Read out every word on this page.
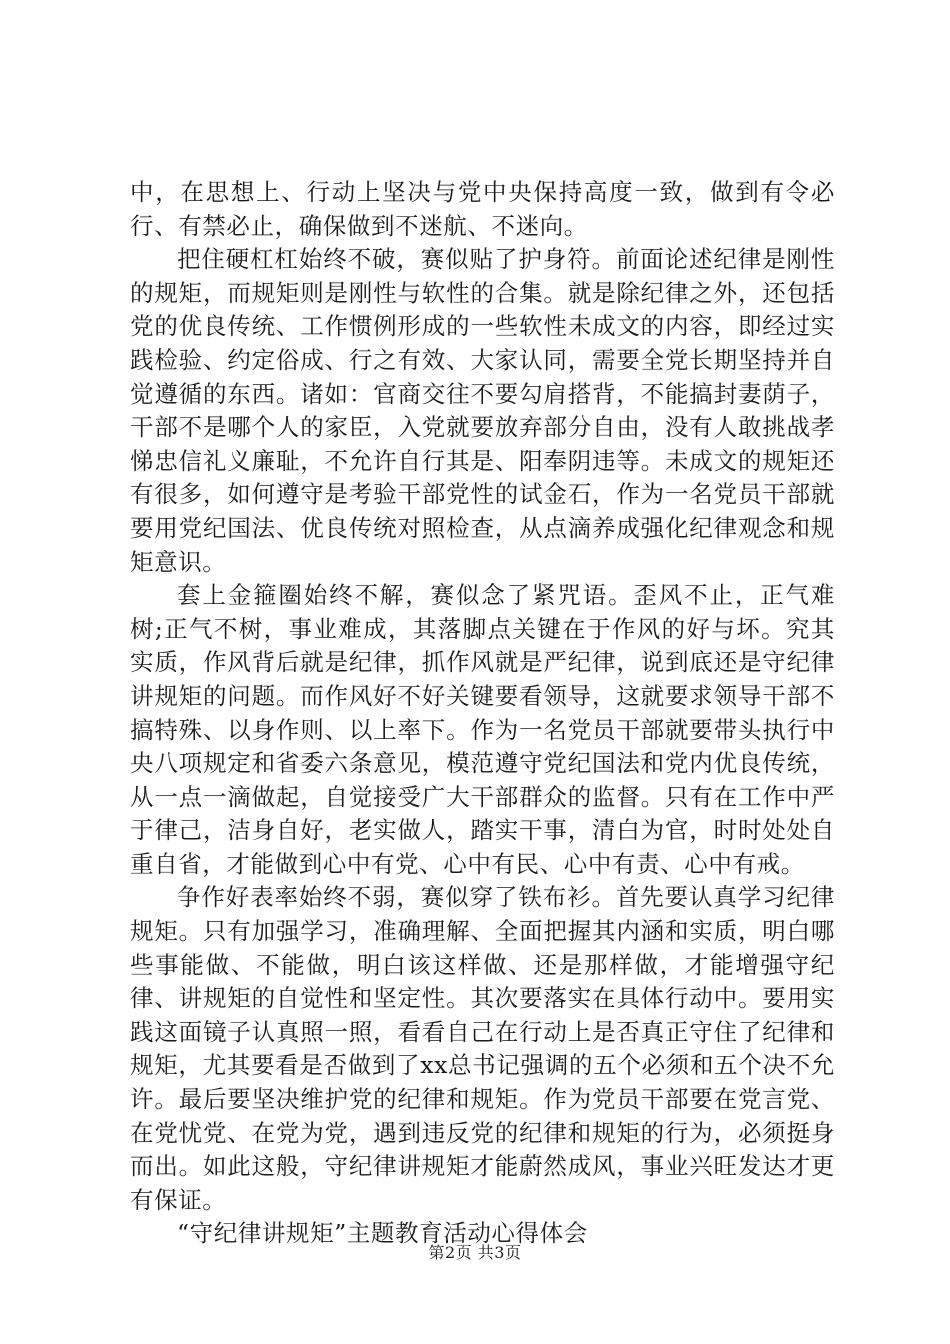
中，在思想上、行动上坚决与党中央保持高度一致，做到有令必行、有禁必止，确保做到不迷航、不迷向。

把住硬杠杠始终不破，赛似贴了护身符。前面论述纪律是刚性的规矩，而规矩则是刚性与软性的合集。就是除纪律之外，还包括党的优良传统、工作惯例形成的一些软性未成文的内容，即经过实践检验、约定俗成、行之有效、大家认同，需要全党长期坚持并自觉遵循的东西。诸如：官商交往不要勾肩搭背，不能搞封妻荫子，干部不是哪个人的家臣，入党就要放弃部分自由，没有人敢挑战孝悌忠信礼义廉耻，不允许自行其是、阳奉阴违等。未成文的规矩还有很多，如何遵守是考验干部党性的试金石，作为一名党员干部就要用党纪国法、优良传统对照检查，从点滴养成强化纪律观念和规矩意识。

套上金箍圈始终不解，赛似念了紧咒语。歪风不止，正气难树;正气不树，事业难成，其落脚点关键在于作风的好与坏。究其实质，作风背后就是纪律，抓作风就是严纪律，说到底还是守纪律讲规矩的问题。而作风好不好关键要看领导，这就要求领导干部不搞特殊、以身作则、以上率下。作为一名党员干部就要带头执行中央八项规定和省委六条意见，模范遵守党纪国法和党内优良传统，从一点一滴做起，自觉接受广大干部群众的监督。只有在工作中严于律己，洁身自好，老实做人，踏实干事，清白为官，时时处处自重自省，才能做到心中有党、心中有民、心中有责、心中有戒。

争作好表率始终不弱，赛似穿了铁布衫。首先要认真学习纪律规矩。只有加强学习，准确理解、全面把握其内涵和实质，明白哪些事能做、不能做，明白该这样做、还是那样做，才能增强守纪律、讲规矩的自觉性和坚定性。其次要落实在具体行动中。要用实践这面镜子认真照一照，看看自己在行动上是否真正守住了纪律和规矩，尤其要看是否做到了xx总书记强调的五个必须和五个决不允许。最后要坚决维护党的纪律和规矩。作为党员干部要在党言党、在党忧党、在党为党，遇到违反党的纪律和规矩的行为，必须挺身而出。如此这般，守纪律讲规矩才能蔚然成风，事业兴旺发达才更有保证。

“守纪律讲规矩”主题教育活动心得体会

第2页 共3页
